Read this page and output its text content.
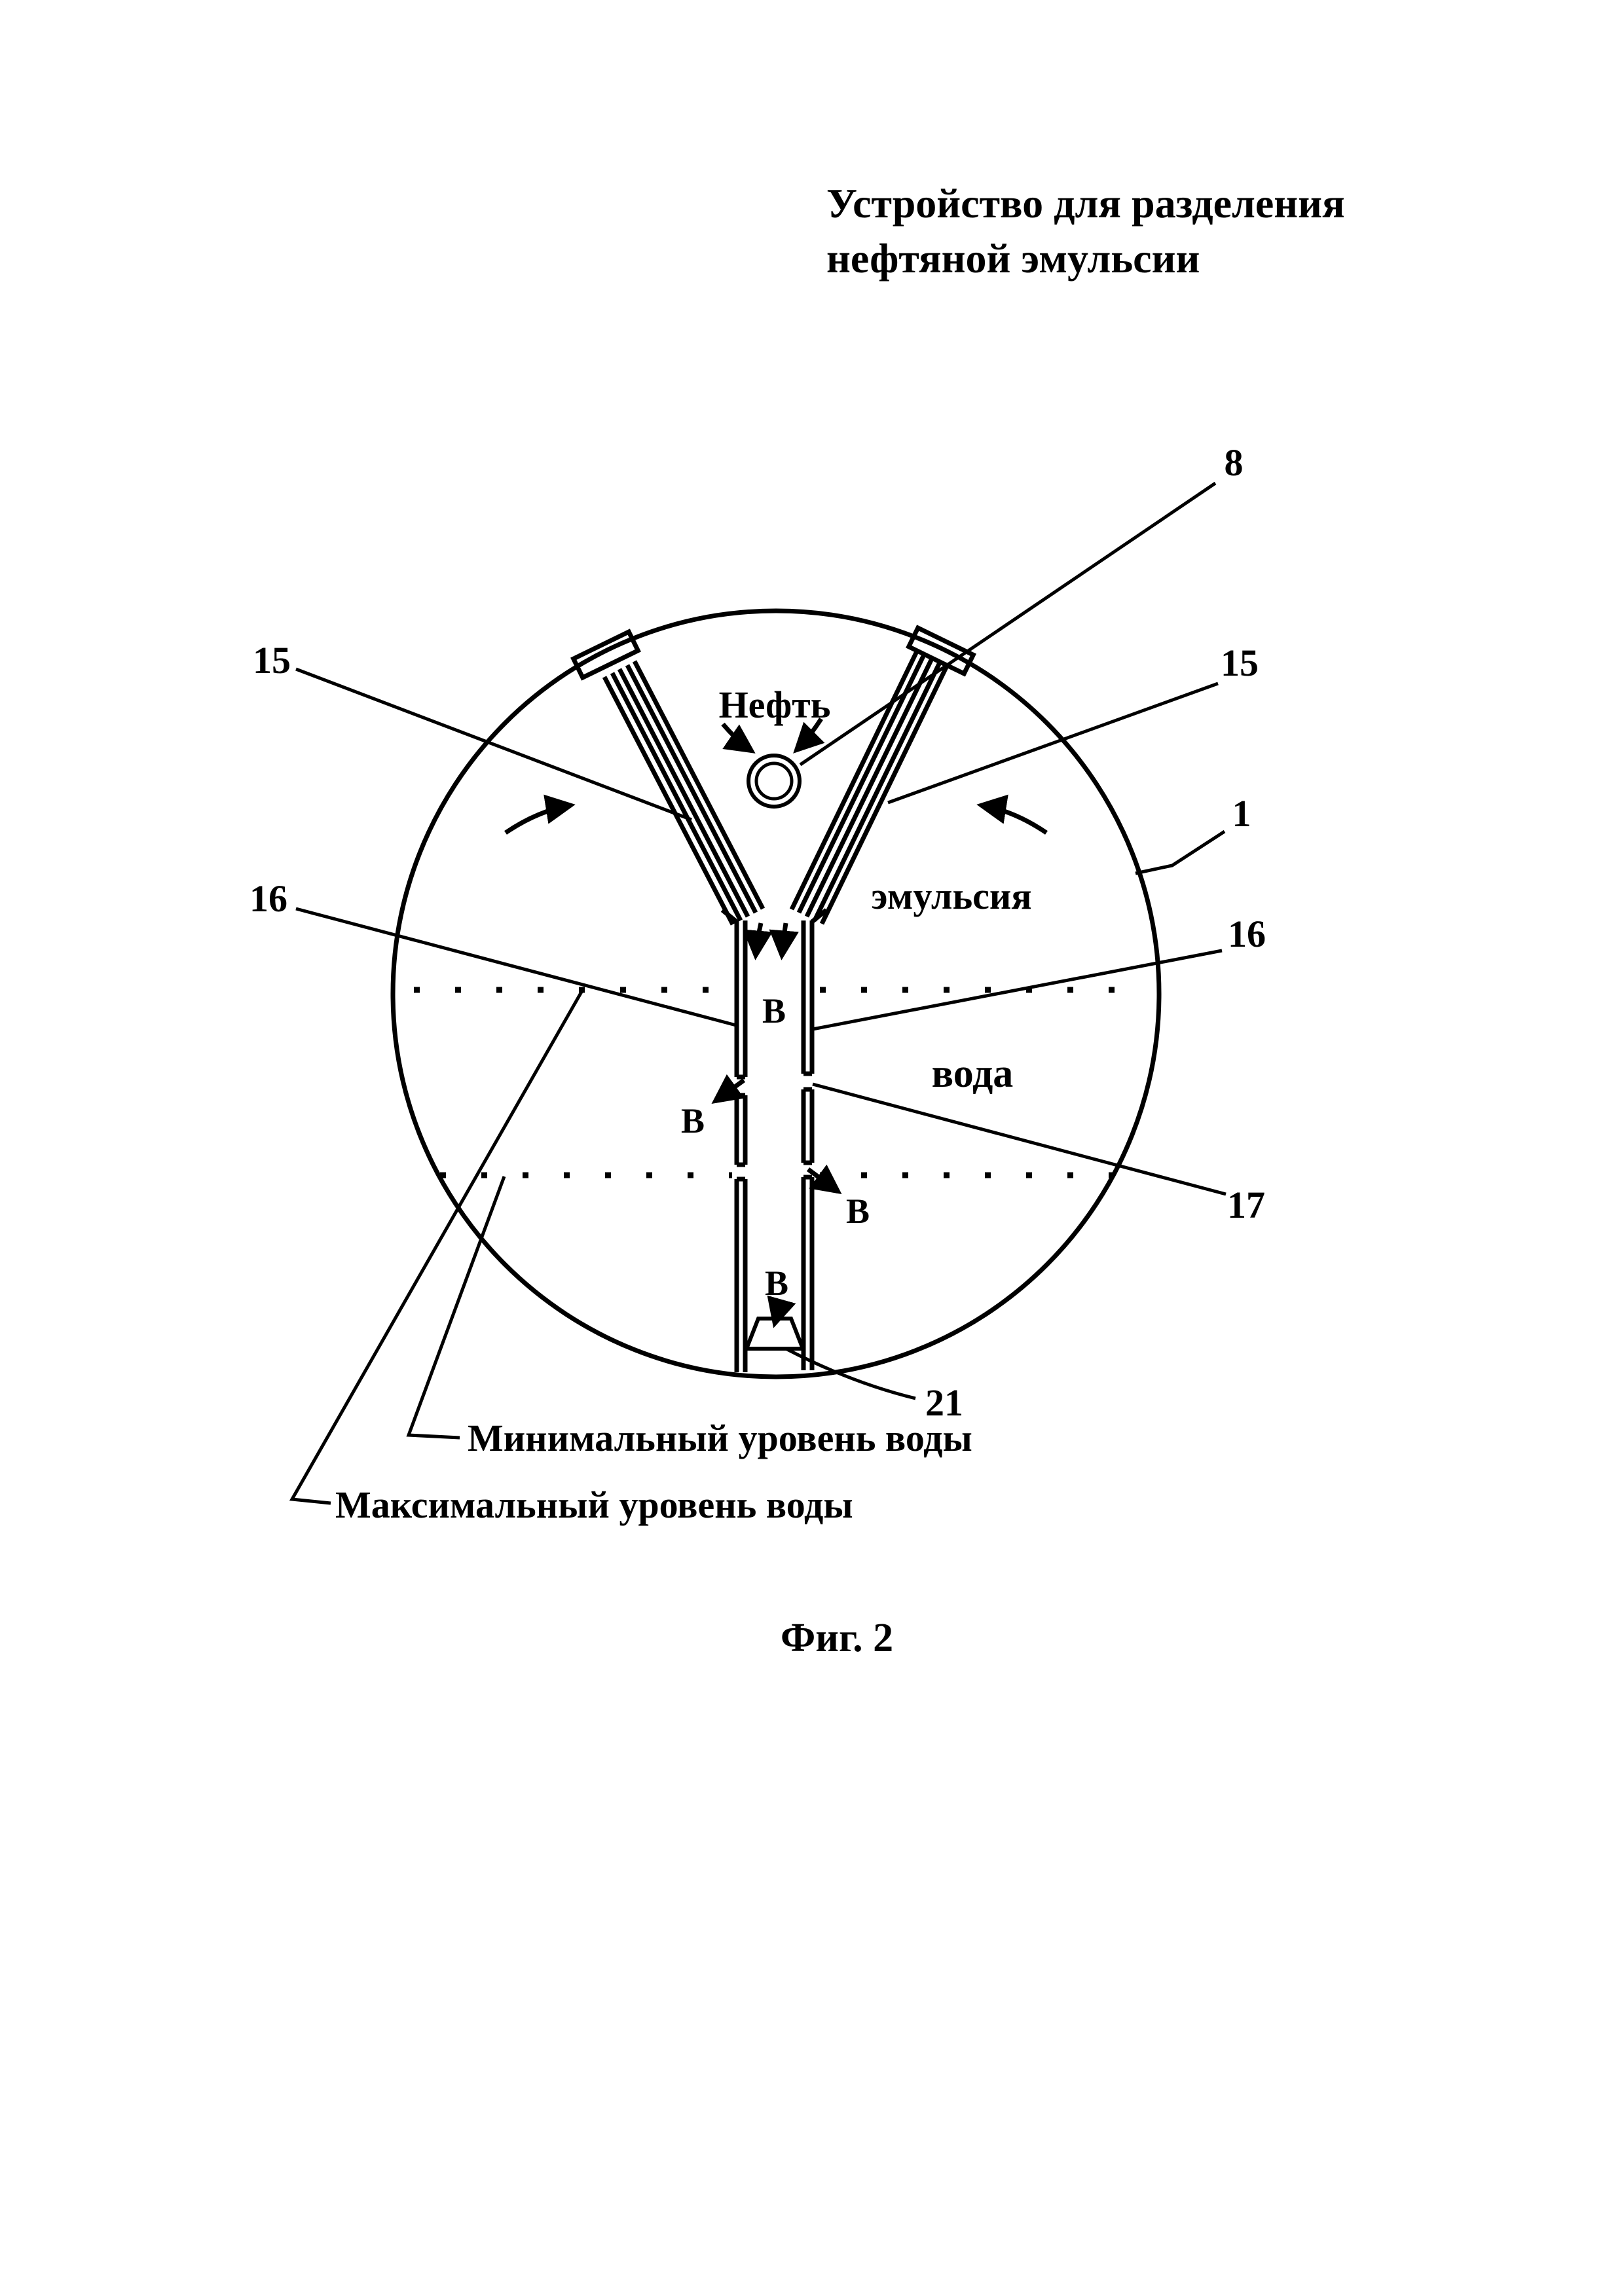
Устройство для разделения
нефтяной эмульсии
Нефть
эмульсия
вода
В
В
В
В
8
15	15
1
16
16
17
21
Минимальный уровень воды
Максимальный уровень воды
Фиг. 2
